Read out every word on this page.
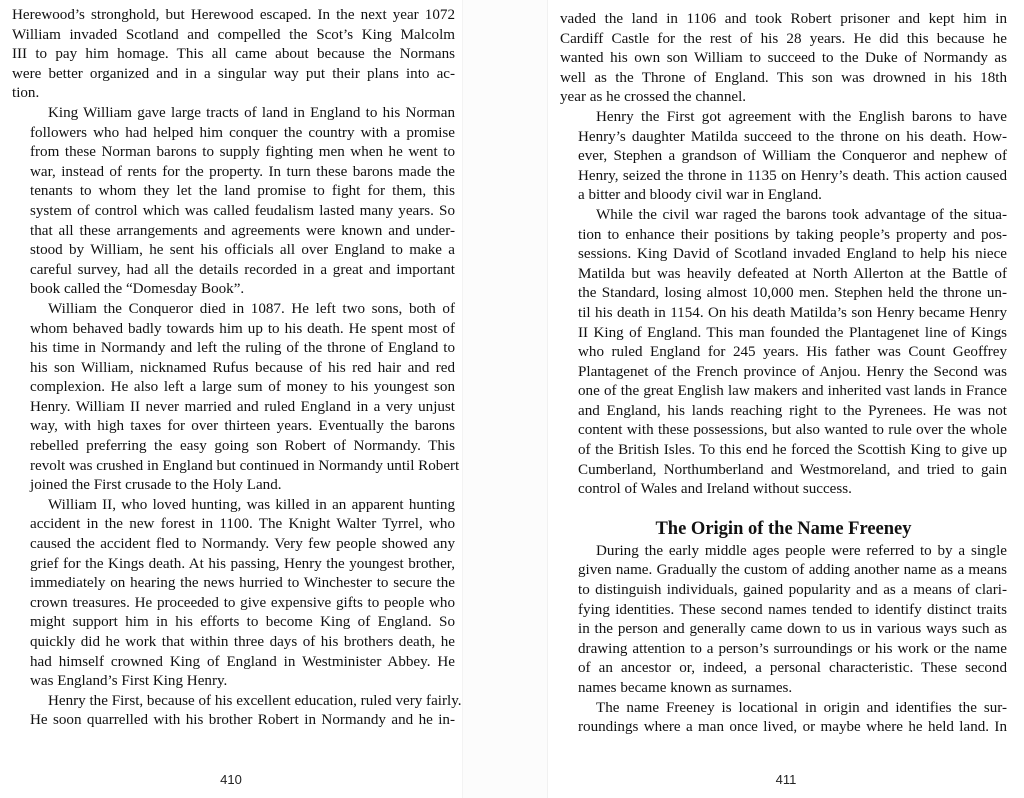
Herewood’s stronghold, but Herewood escaped. In the next year 1072
William invaded Scotland and compelled the Scot’s King Malcolm
III to pay him homage. This all came about because the Normans
were better organized and in a singular way put their plans into ac-
tion.

King William gave large tracts of land in England to his Norman
followers who had helped him conquer the country with a promise
from these Norman barons to supply fighting men when he went to
war, instead of rents for the property. In turn these barons made the
tenants to whom they let the land promise to fight for them, this
system of control which was called feudalism lasted many years. So
that all these arrangements and agreements were known and under-
stood by William, he sent his officials all over England to make a
careful survey, had all the details recorded in a great and important
book called the “Domesday Book”.

William the Conqueror died in 1087. He left two sons, both of
whom behaved badly towards him up to his death. He spent most of
his time in Normandy and left the ruling of the throne of England to
his son William, nicknamed Rufus because of his red hair and red
complexion. He also left a large sum of money to his youngest son
Henry. William II never married and ruled England in a very unjust
way, with high taxes for over thirteen years. Eventually the barons
rebelled preferring the easy going son Robert of Normandy. This
revolt was crushed in England but continued in Normandy until Robert
joined the First crusade to the Holy Land.

William II, who loved hunting, was killed in an apparent hunting
accident in the new forest in 1100. The Knight Walter Tyrrel, who
caused the accident fled to Normandy. Very few people showed any
grief for the Kings death. At his passing, Henry the youngest brother,
immediately on hearing the news hurried to Winchester to secure the
crown treasures. He proceeded to give expensive gifts to people who
might support him in his efforts to become King of England. So
quickly did he work that within three days of his brothers death, he
had himself crowned King of England in Westminister Abbey. He
was England’s First King Henry.

Henry the First, because of his excellent education, ruled very fairly.
He soon quarrelled with his brother Robert in Normandy and he in-

410

vaded the land in 1106 and took Robert prisoner and kept him in
Cardiff Castle for the rest of his 28 years. He did this because he
wanted his own son William to succeed to the Duke of Normandy as
well as the Throne of England. This son was drowned in his 18th
year as he crossed the channel.

Henry the First got agreement with the English barons to have
Henry’s daughter Matilda succeed to the throne on his death. How-
ever, Stephen a grandson of William the Conqueror and nephew of
Henry, seized the throne in 1135 on Henry’s death. This action caused
a bitter and bloody civil war in England.

While the civil war raged the barons took advantage of the situa-
tion to enhance their positions by taking people’s property and pos-
sessions. King David of Scotland invaded England to help his niece
Matilda but was heavily defeated at North Allerton at the Battle of
the Standard, losing almost 10,000 men. Stephen held the throne un-
til his death in 1154. On his death Matilda’s son Henry became Henry
II King of England. This man founded the Plantagenet line of Kings
who ruled England for 245 years. His father was Count Geoffrey
Plantagenet of the French province of Anjou. Henry the Second was
one of the great English law makers and inherited vast lands in France
and England, his lands reaching right to the Pyrenees. He was not
content with these possessions, but also wanted to rule over the whole
of the British Isles. To this end he forced the Scottish King to give up
Cumberland, Northumberland and Westmoreland, and tried to gain
control of Wales and Ireland without success.

The Origin of the Name Freeney

During the early middle ages people were referred to by a single
given name. Gradually the custom of adding another name as a means
to distinguish individuals, gained popularity and as a means of clari-
fying identities. These second names tended to identify distinct traits
in the person and generally came down to us in various ways such as
drawing attention to a person’s surroundings or his work or the name
of an ancestor or, indeed, a personal characteristic. These second
names became known as surnames.

The name Freeney is locational in origin and identifies the sur-
roundings where a man once lived, or maybe where he held land. In

411
